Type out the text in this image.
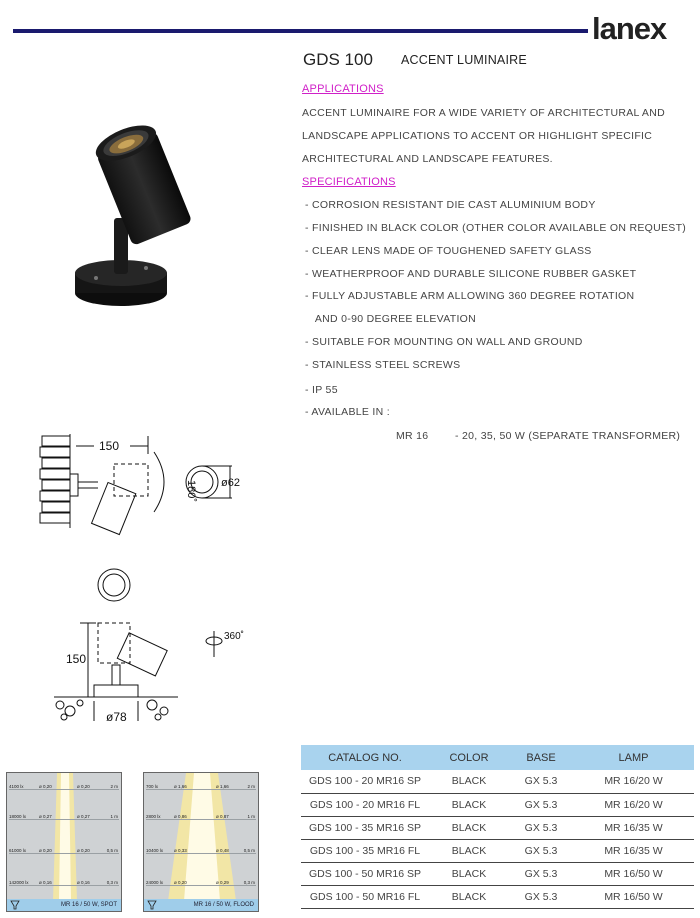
lanex
GDS 100 ACCENT LUMINAIRE
APPLICATIONS
ACCENT LUMINAIRE FOR A WIDE VARIETY OF ARCHITECTURAL AND
LANDSCAPE APPLICATIONS TO ACCENT OR HIGHLIGHT SPECIFIC
ARCHITECTURAL AND LANDSCAPE FEATURES.
SPECIFICATIONS
- CORROSION RESISTANT DIE CAST ALUMINIUM BODY
- FINISHED IN BLACK COLOR (OTHER COLOR AVAILABLE ON REQUEST)
- CLEAR LENS MADE OF TOUGHENED SAFETY GLASS
- WEATHERPROOF AND DURABLE SILICONE RUBBER GASKET
- FULLY ADJUSTABLE ARM ALLOWING 360 DEGREE ROTATION
AND 0-90 DEGREE ELEVATION
- SUITABLE FOR MOUNTING ON WALL AND GROUND
- STAINLESS STEEL SCREWS
- IP 55
- AVAILABLE IN :
MR 16	- 20, 35, 50 W (SEPARATE TRANSFORMER)
150
180˚ ø62
150
360˚
ø78
4100 lx	ø 0,20	ø 0,20	2 m
18000 lx	ø 0,27	ø 0,27	1 m
61000 lx	ø 0,20	ø 0,20	0,5 m
142000 lx ø 0,16	ø 0,16	0,3 m
MR 16 / 50 W, SPOT
700 lx	ø 1,66	ø 1,66	2 m
2800 lx	ø 0,86	ø 0,87	1 m
10400 lx ø 0,33	ø 0,48	0,5 m
24000 lx ø 0,20	ø 0,29	0,3 m
MR 16 / 50 W, FLOOD
CATALOG NO.	COLOR	BASE	LAMP
GDS 100 - 20 MR16 SP	BLACK	GX 5.3	MR 16/20 W
GDS 100 - 20 MR16 FL	BLACK	GX 5.3	MR 16/20 W
GDS 100 - 35 MR16 SP	BLACK	GX 5.3	MR 16/35 W
GDS 100 - 35 MR16 FL	BLACK	GX 5.3	MR 16/35 W
GDS 100 - 50 MR16 SP	BLACK	GX 5.3	MR 16/50 W
GDS 100 - 50 MR16 FL	BLACK	GX 5.3	MR 16/50 W
